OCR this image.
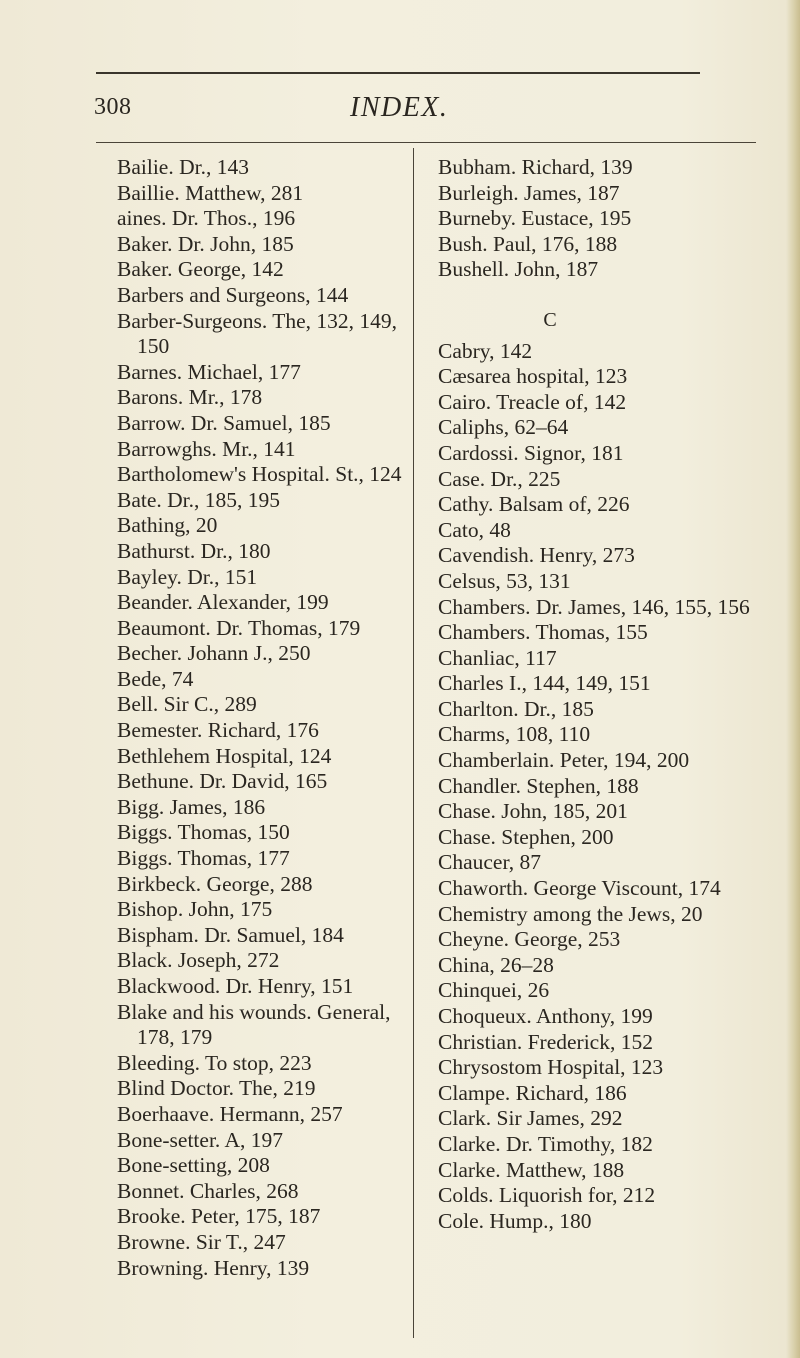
308	INDEX.
Bailie. Dr., 143
Baillie. Matthew, 281
aines. Dr. Thos., 196
Baker. Dr. John, 185
Baker. George, 142
Barbers and Surgeons, 144
Barber-Surgeons. The, 132, 149, 150
Barnes. Michael, 177
Barons. Mr., 178
Barrow. Dr. Samuel, 185
Barrowghs. Mr., 141
Bartholomew's Hospital. St., 124
Bate. Dr., 185, 195
Bathing, 20
Bathurst. Dr., 180
Bayley. Dr., 151
Beander. Alexander, 199
Beaumont. Dr. Thomas, 179
Becher. Johann J., 250
Bede, 74
Bell. Sir C., 289
Bemester. Richard, 176
Bethlehem Hospital, 124
Bethune. Dr. David, 165
Bigg. James, 186
Biggs. Thomas, 150
Biggs. Thomas, 177
Birkbeck. George, 288
Bishop. John, 175
Bispham. Dr. Samuel, 184
Black. Joseph, 272
Blackwood. Dr. Henry, 151
Blake and his wounds. General, 178, 179
Bleeding. To stop, 223
Blind Doctor. The, 219
Boerhaave. Hermann, 257
Bone-setter. A, 197
Bone-setting, 208
Bonnet. Charles, 268
Brooke. Peter, 175, 187
Browne. Sir T., 247
Browning. Henry, 139
Bubham. Richard, 139
Burleigh. James, 187
Burneby. Eustace, 195
Bush. Paul, 176, 188
Bushell. John, 187
C
Cabry, 142
Cæsarea hospital, 123
Cairo. Treacle of, 142
Caliphs, 62–64
Cardossi. Signor, 181
Case. Dr., 225
Cathy. Balsam of, 226
Cato, 48
Cavendish. Henry, 273
Celsus, 53, 131
Chambers. Dr. James, 146, 155, 156
Chambers. Thomas, 155
Chanliac, 117
Charles I., 144, 149, 151
Charlton. Dr., 185
Charms, 108, 110
Chamberlain. Peter, 194, 200
Chandler. Stephen, 188
Chase. John, 185, 201
Chase. Stephen, 200
Chaucer, 87
Chaworth. George Viscount, 174
Chemistry among the Jews, 20
Cheyne. George, 253
China, 26–28
Chinquei, 26
Choqueux. Anthony, 199
Christian. Frederick, 152
Chrysostom Hospital, 123
Clampe. Richard, 186
Clark. Sir James, 292
Clarke. Dr. Timothy, 182
Clarke. Matthew, 188
Colds. Liquorish for, 212
Cole. Hump., 180
